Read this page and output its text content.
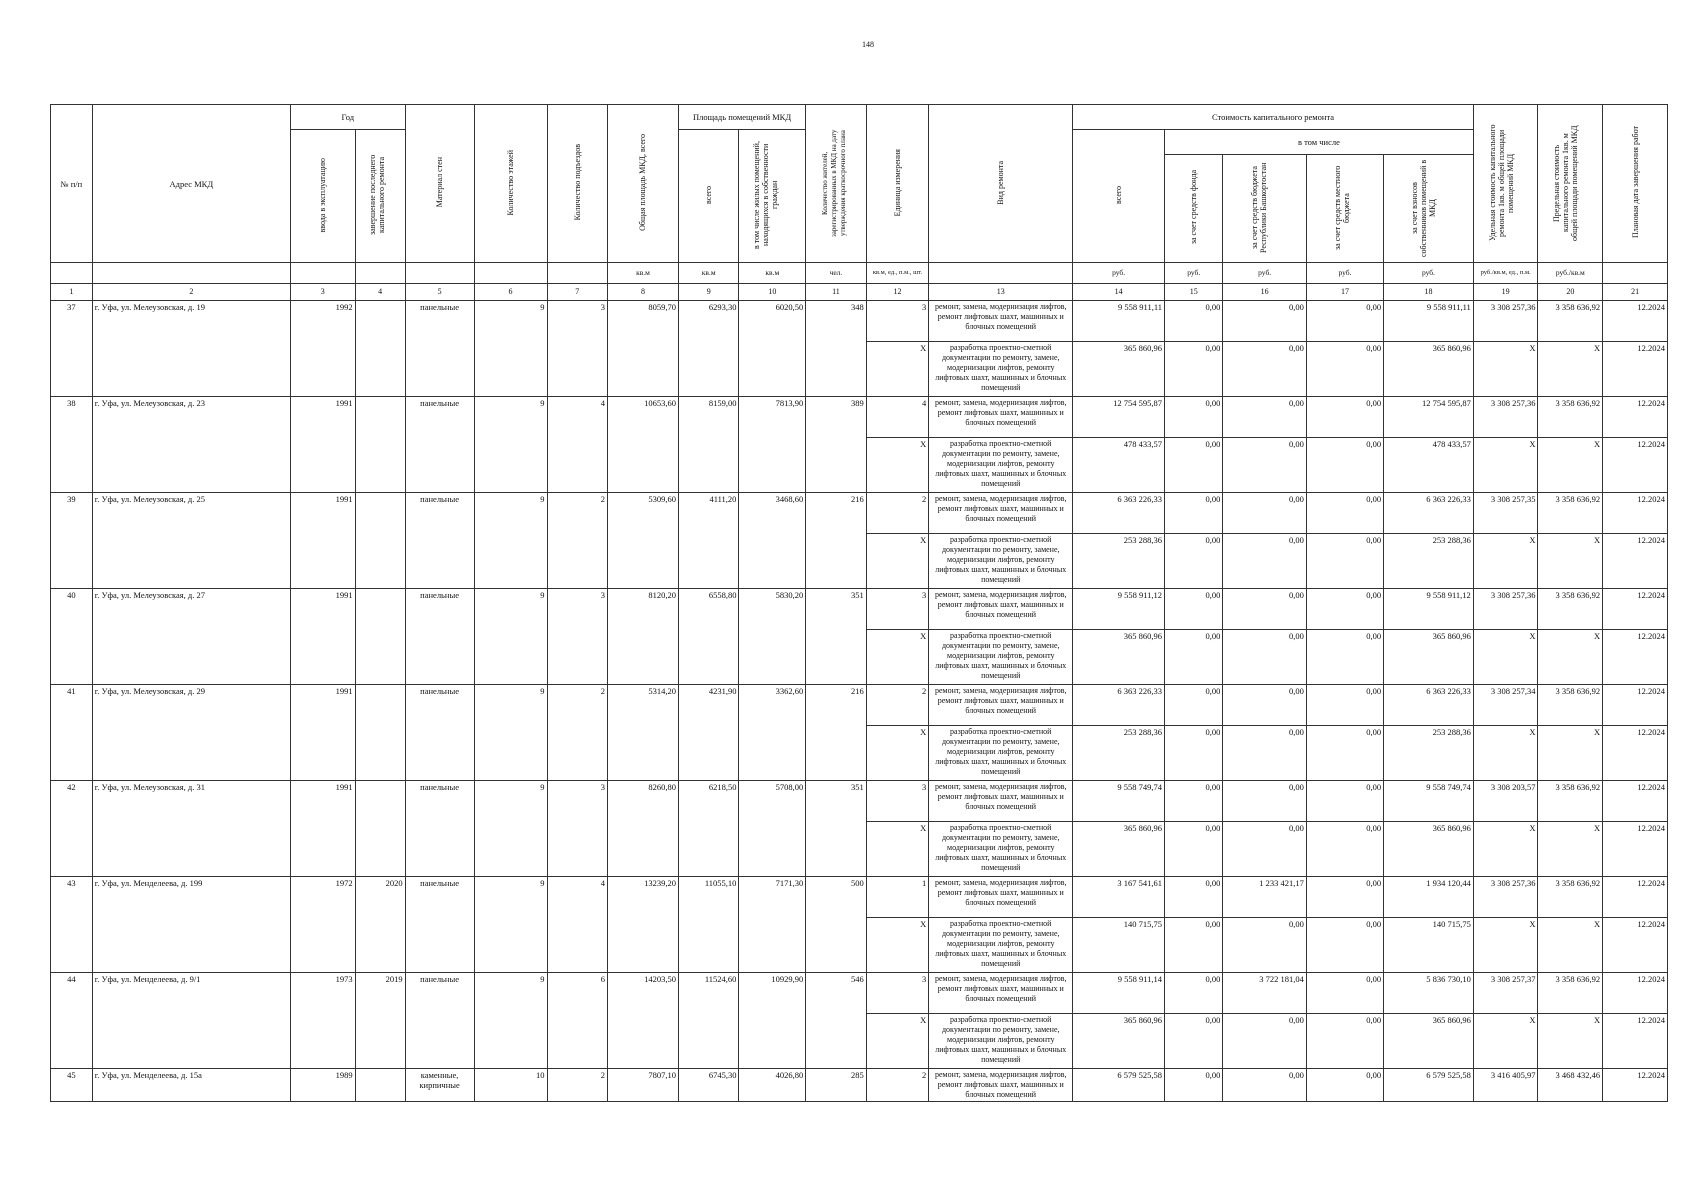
148
№ п/п	Адрес МКД	Год		Материал стен	Количество этажей	Количество подъездов	Общая площадь МКД, всего	Площадь помещений МКД		Количество жителей, зарегистрированных в МКД на дату утверждения краткосрочного плана	Единица измерения	Вид ремонта	Стоимость капитального ремонта					Удельная стоимость капитального ремонта 1кв. м общей площади помещений МКД	Предельная стоимость капитального ремонта 1кв. м общей площади помещений МКД	Плановая дата завершения работ
		ввода в эксплуатацию	завершение последнего капитального ремонта					всего	в том числе жилых помещений, находящихся в собственности граждан				всего	в том числе						
														за счет средств фонда	за счет средств бюджета Республики Башкортостан	за счет средств местного бюджета	за счет взносов собственников помещений в МКД			
							кв.м	кв.м	кв.м	чел.	кв.м, ед., п.м., шт.		руб.	руб.	руб.	руб.	руб.	руб./кв.м, ед., п.м.	руб./кв.м	
1	2	3	4	5	6	7	8	9	10	11	12	13	14	15	16	17	18	19	20	21
37	г. Уфа, ул. Мелеузовская, д. 19	1992		панельные	9	3	8059,70	6293,30	6020,50	348	3	ремонт, замена, модернизация лифтов, ремонт лифтовых шахт, машинных и блочных помещений	9 558 911,11	0,00	0,00	0,00	9 558 911,11	3 308 257,36	3 358 636,92	12.2024
											X	разработка проектно-сметной документации по ремонту, замене, модернизации лифтов, ремонту лифтовых шахт, машинных и блочных помещений	365 860,96	0,00	0,00	0,00	365 860,96	X	X	12.2024
38	г. Уфа, ул. Мелеузовская, д. 23	1991		панельные	9	4	10653,60	8159,00	7813,90	389	4	ремонт, замена, модернизация лифтов, ремонт лифтовых шахт, машинных и блочных помещений	12 754 595,87	0,00	0,00	0,00	12 754 595,87	3 308 257,36	3 358 636,92	12.2024
											X	разработка проектно-сметной документации по ремонту, замене, модернизации лифтов, ремонту лифтовых шахт, машинных и блочных помещений	478 433,57	0,00	0,00	0,00	478 433,57	X	X	12.2024
39	г. Уфа, ул. Мелеузовская, д. 25	1991		панельные	9	2	5309,60	4111,20	3468,60	216	2	ремонт, замена, модернизация лифтов, ремонт лифтовых шахт, машинных и блочных помещений	6 363 226,33	0,00	0,00	0,00	6 363 226,33	3 308 257,35	3 358 636,92	12.2024
											X	разработка проектно-сметной документации по ремонту, замене, модернизации лифтов, ремонту лифтовых шахт, машинных и блочных помещений	253 288,36	0,00	0,00	0,00	253 288,36	X	X	12.2024
40	г. Уфа, ул. Мелеузовская, д. 27	1991		панельные	9	3	8120,20	6558,80	5830,20	351	3	ремонт, замена, модернизация лифтов, ремонт лифтовых шахт, машинных и блочных помещений	9 558 911,12	0,00	0,00	0,00	9 558 911,12	3 308 257,36	3 358 636,92	12.2024
											X	разработка проектно-сметной документации по ремонту, замене, модернизации лифтов, ремонту лифтовых шахт, машинных и блочных помещений	365 860,96	0,00	0,00	0,00	365 860,96	X	X	12.2024
41	г. Уфа, ул. Мелеузовская, д. 29	1991		панельные	9	2	5314,20	4231,90	3362,60	216	2	ремонт, замена, модернизация лифтов, ремонт лифтовых шахт, машинных и блочных помещений	6 363 226,33	0,00	0,00	0,00	6 363 226,33	3 308 257,34	3 358 636,92	12.2024
											X	разработка проектно-сметной документации по ремонту, замене, модернизации лифтов, ремонту лифтовых шахт, машинных и блочных помещений	253 288,36	0,00	0,00	0,00	253 288,36	X	X	12.2024
42	г. Уфа, ул. Мелеузовская, д. 31	1991		панельные	9	3	8260,80	6218,50	5708,00	351	3	ремонт, замена, модернизация лифтов, ремонт лифтовых шахт, машинных и блочных помещений	9 558 749,74	0,00	0,00	0,00	9 558 749,74	3 308 203,57	3 358 636,92	12.2024
											X	разработка проектно-сметной документации по ремонту, замене, модернизации лифтов, ремонту лифтовых шахт, машинных и блочных помещений	365 860,96	0,00	0,00	0,00	365 860,96	X	X	12.2024
43	г. Уфа, ул. Менделеева, д. 199	1972	2020	панельные	9	4	13239,20	11055,10	7171,30	500	1	ремонт, замена, модернизация лифтов, ремонт лифтовых шахт, машинных и блочных помещений	3 167 541,61	0,00	1 233 421,17	0,00	1 934 120,44	3 308 257,36	3 358 636,92	12.2024
											X	разработка проектно-сметной документации по ремонту, замене, модернизации лифтов, ремонту лифтовых шахт, машинных и блочных помещений	140 715,75	0,00	0,00	0,00	140 715,75	X	X	12.2024
44	г. Уфа, ул. Менделеева, д. 9/1	1973	2019	панельные	9	6	14203,50	11524,60	10929,90	546	3	ремонт, замена, модернизация лифтов, ремонт лифтовых шахт, машинных и блочных помещений	9 558 911,14	0,00	3 722 181,04	0,00	5 836 730,10	3 308 257,37	3 358 636,92	12.2024
											X	разработка проектно-сметной документации по ремонту, замене, модернизации лифтов, ремонту лифтовых шахт, машинных и блочных помещений	365 860,96	0,00	0,00	0,00	365 860,96	X	X	12.2024
45	г. Уфа, ул. Менделеева, д. 15а	1989		каменные, кирпичные	10	2	7807,10	6745,30	4026,80	285	2	ремонт, замена, модернизация лифтов, ремонт лифтовых шахт, машинных и блочных помещений	6 579 525,58	0,00	0,00	0,00	6 579 525,58	3 416 405,97	3 468 432,46	12.2024
